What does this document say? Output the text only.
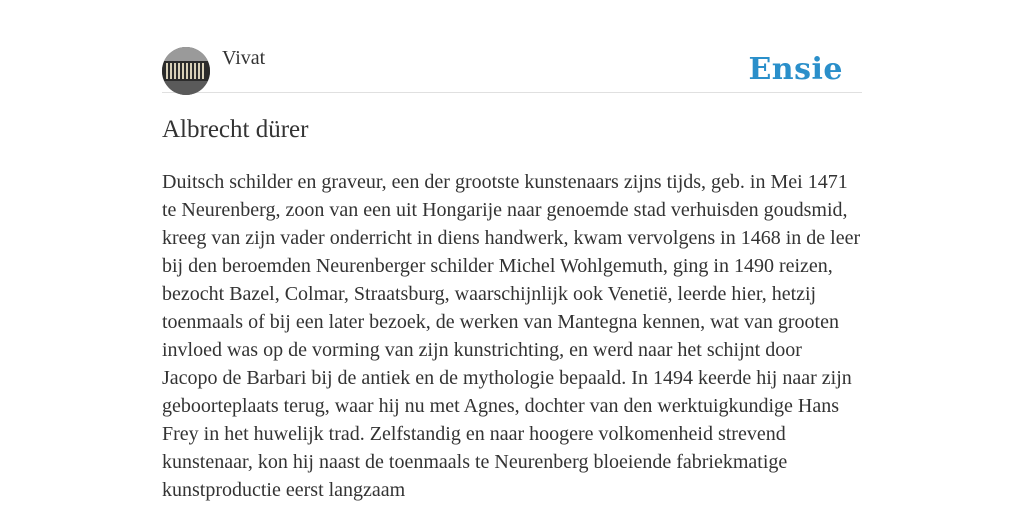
Vivat	Ensie
Albrecht dürer

Duitsch schilder en graveur, een der grootste kunstenaars zijns tijds, geb. in Mei 1471 te Neurenberg, zoon van een uit Hongarije naar genoemde stad verhuisden goudsmid, kreeg van zijn vader onderricht in diens handwerk, kwam vervolgens in 1468 in de leer bij den beroemden Neurenberger schilder Michel Wohlgemuth, ging in 1490 reizen, bezocht Bazel, Colmar, Straatsburg, waarschijnlijk ook Venetië, leerde hier, hetzij toenmaals of bij een later bezoek, de werken van Mantegna kennen, wat van grooten invloed was op de vorming van zijn kunstrichting, en werd naar het schijnt door Jacopo de Barbari bij de antiek en de mythologie bepaald. In 1494 keerde hij naar zijn geboorteplaats terug, waar hij nu met Agnes, dochter van den werktuigkundige Hans Frey in het huwelijk trad. Zelfstandig en naar hoogere volkomenheid strevend kunstenaar, kon hij naast de toenmaals te Neurenberg bloeiende fabriekmatige kunstproductie eerst langzaam
